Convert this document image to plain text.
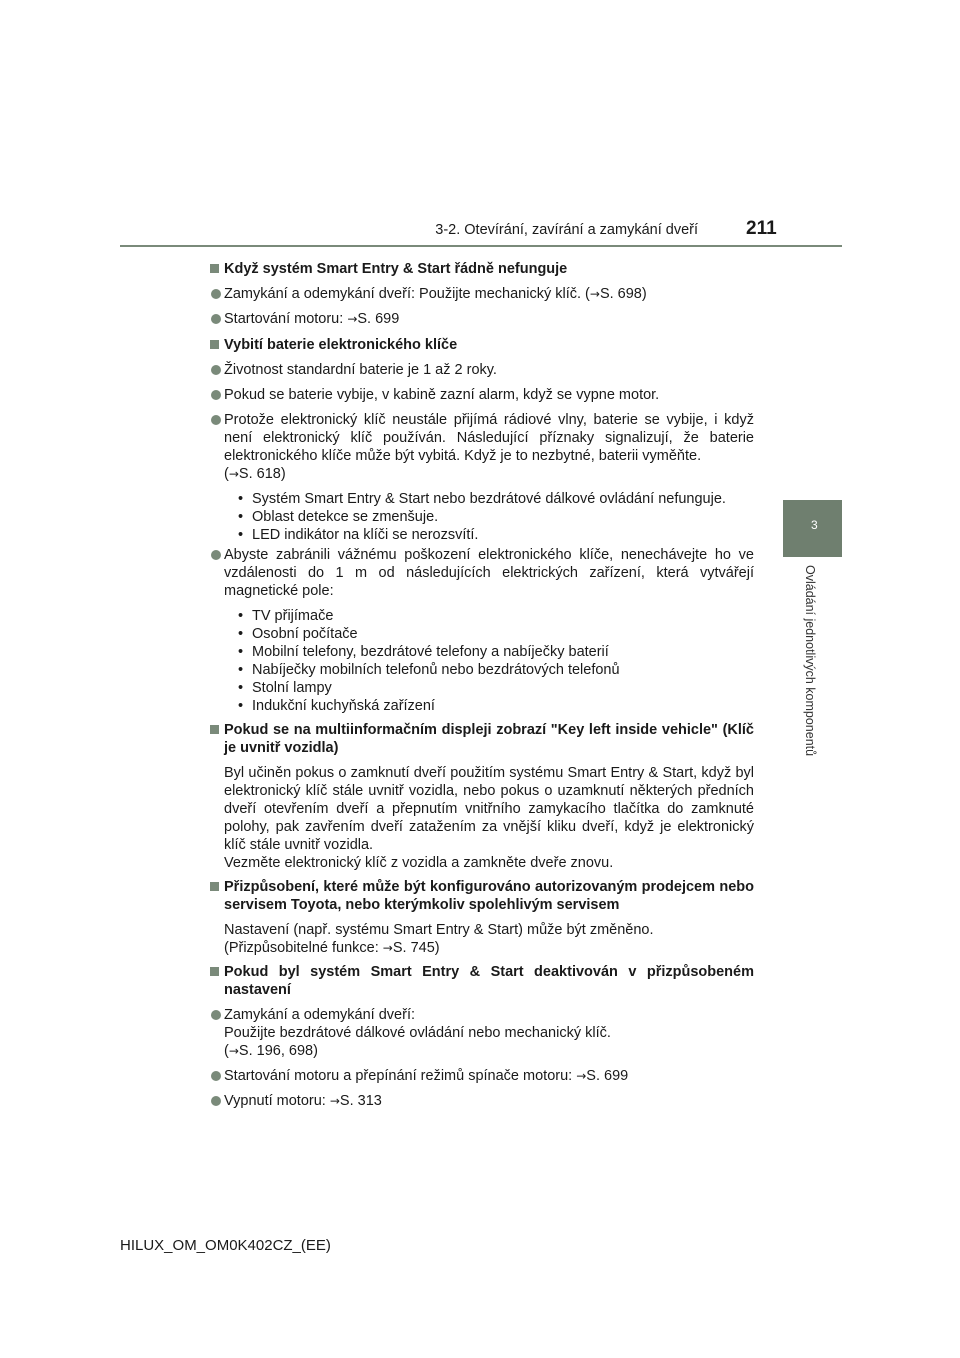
3-2. Otevírání, zavírání a zamykání dveří	211
3
Ovládání jednotlivých komponentů
Když systém Smart Entry & Start řádně nefunguje
Zamykání a odemykání dveří: Použijte mechanický klíč. (→S. 698)
Startování motoru: →S. 699
Vybití baterie elektronického klíče
Životnost standardní baterie je 1 až 2 roky.
Pokud se baterie vybije, v kabině zazní alarm, když se vypne motor.
Protože elektronický klíč neustále přijímá rádiové vlny, baterie se vybije, i když není elektronický klíč používán. Následující příznaky signalizují, že baterie elektronického klíče může být vybitá. Když je to nezbytné, baterii vyměňte.
(→S. 618)
• Systém Smart Entry & Start nebo bezdrátové dálkové ovládání nefunguje.
• Oblast detekce se zmenšuje.
• LED indikátor na klíči se nerozsvítí.
Abyste zabránili vážnému poškození elektronického klíče, nenechávejte ho ve vzdálenosti do 1 m od následujících elektrických zařízení, která vytvářejí magnetické pole:
• TV přijímače
• Osobní počítače
• Mobilní telefony, bezdrátové telefony a nabíječky baterií
• Nabíječky mobilních telefonů nebo bezdrátových telefonů
• Stolní lampy
• Indukční kuchyňská zařízení
Pokud se na multiinformačním displeji zobrazí "Key left inside vehicle" (Klíč je uvnitř vozidla)
Byl učiněn pokus o zamknutí dveří použitím systému Smart Entry & Start, když byl elektronický klíč stále uvnitř vozidla, nebo pokus o uzamknutí některých předních dveří otevřením dveří a přepnutím vnitřního zamykacího tlačítka do zamknuté polohy, pak zavřením dveří zatažením za vnější kliku dveří, když je elektronický klíč stále uvnitř vozidla.
Vezměte elektronický klíč z vozidla a zamkněte dveře znovu.
Přizpůsobení, které může být konfigurováno autorizovaným prodejcem nebo servisem Toyota, nebo kterýmkoliv spolehlivým servisem
Nastavení (např. systému Smart Entry & Start) může být změněno.
(Přizpůsobitelné funkce: →S. 745)
Pokud byl systém Smart Entry & Start deaktivován v přizpůsobeném nastavení
Zamykání a odemykání dveří:
Použijte bezdrátové dálkové ovládání nebo mechanický klíč.
(→S. 196, 698)
Startování motoru a přepínání režimů spínače motoru: →S. 699
Vypnutí motoru: →S. 313
HILUX_OM_OM0K402CZ_(EE)
